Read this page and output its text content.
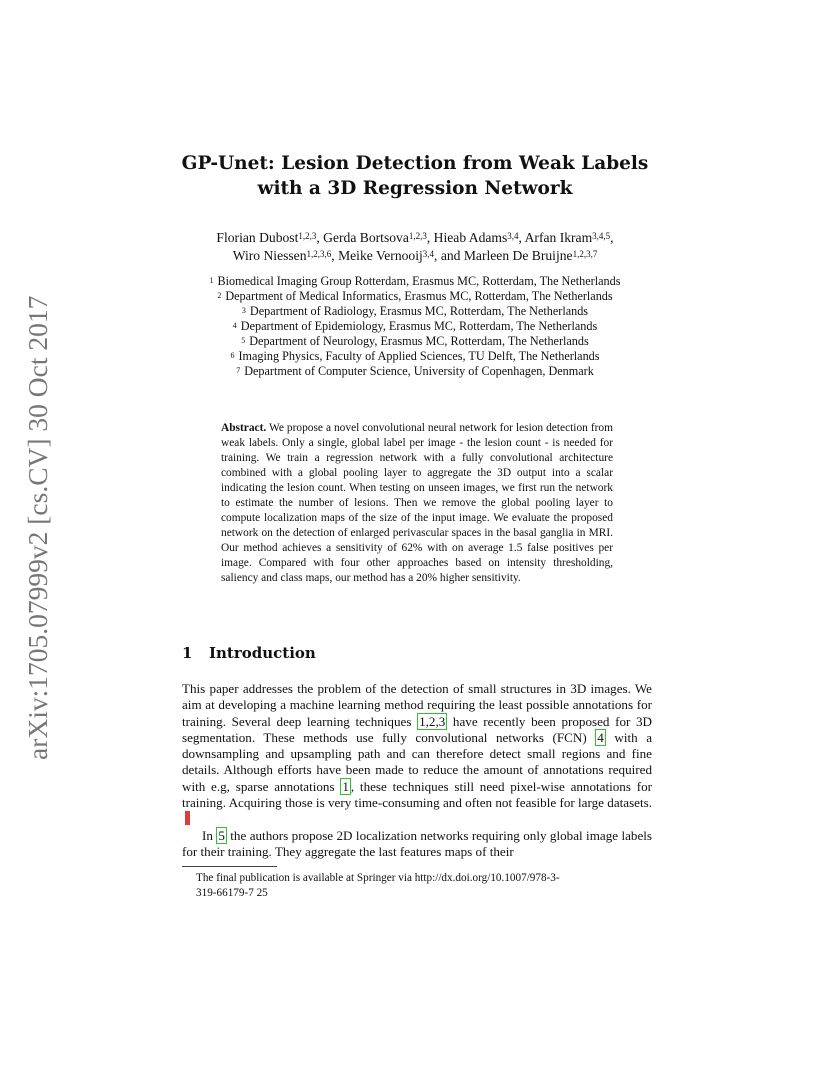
arXiv:1705.07999v2 [cs.CV] 30 Oct 2017
GP-Unet: Lesion Detection from Weak Labels
with a 3D Regression Network
Florian Dubost$^{1,2,3}$, Gerda Bortsova$^{1,2,3}$, Hieab Adams$^{3,4}$, Arfan Ikram$^{3,4,5}$,
Wiro Niessen$^{1,2,3,6}$, Meike Vernooij$^{3,4}$, and Marleen De Bruijne$^{1,2,3,7}$
$^1$ Biomedical Imaging Group Rotterdam, Erasmus MC, Rotterdam, The Netherlands
$^2$ Department of Medical Informatics, Erasmus MC, Rotterdam, The Netherlands
$^3$ Department of Radiology, Erasmus MC, Rotterdam, The Netherlands
$^4$ Department of Epidemiology, Erasmus MC, Rotterdam, The Netherlands
$^5$ Department of Neurology, Erasmus MC, Rotterdam, The Netherlands
$^6$ Imaging Physics, Faculty of Applied Sciences, TU Delft, The Netherlands
$^7$ Department of Computer Science, University of Copenhagen, Denmark
Abstract. We propose a novel convolutional neural network for lesion detection from weak labels. Only a single, global label per image - the lesion count - is needed for training. We train a regression network with a fully convolutional architecture combined with a global pooling layer to aggregate the 3D output into a scalar indicating the lesion count. When testing on unseen images, we first run the network to estimate the number of lesions. Then we remove the global pooling layer to compute localization maps of the size of the input image. We evaluate the proposed network on the detection of enlarged perivascular spaces in the basal ganglia in MRI. Our method achieves a sensitivity of 62% with on average 1.5 false positives per image. Compared with four other approaches based on intensity thresholding, saliency and class maps, our method has a 20% higher sensitivity.
1 Introduction

This paper addresses the problem of the detection of small structures in 3D images. We aim at developing a machine learning method requiring the least possible annotations for training. Several deep learning techniques 1,2,3 have recently been proposed for 3D segmentation. These methods use fully convolutional networks (FCN) 4 with a downsampling and upsampling path and can therefore detect small regions and fine details. Although efforts have been made to reduce the amount of annotations required with e.g, sparse annotations 1 , these techniques still need pixel-wise annotations for training. Acquiring those is very time-consuming and often not feasible for large datasets.

In 5 the authors propose 2D localization networks requiring only global image labels for their training. They aggregate the last features maps of their

The final publication is available at Springer via http://dx.doi.org/10.1007/978-3-
319-66179-7 25
